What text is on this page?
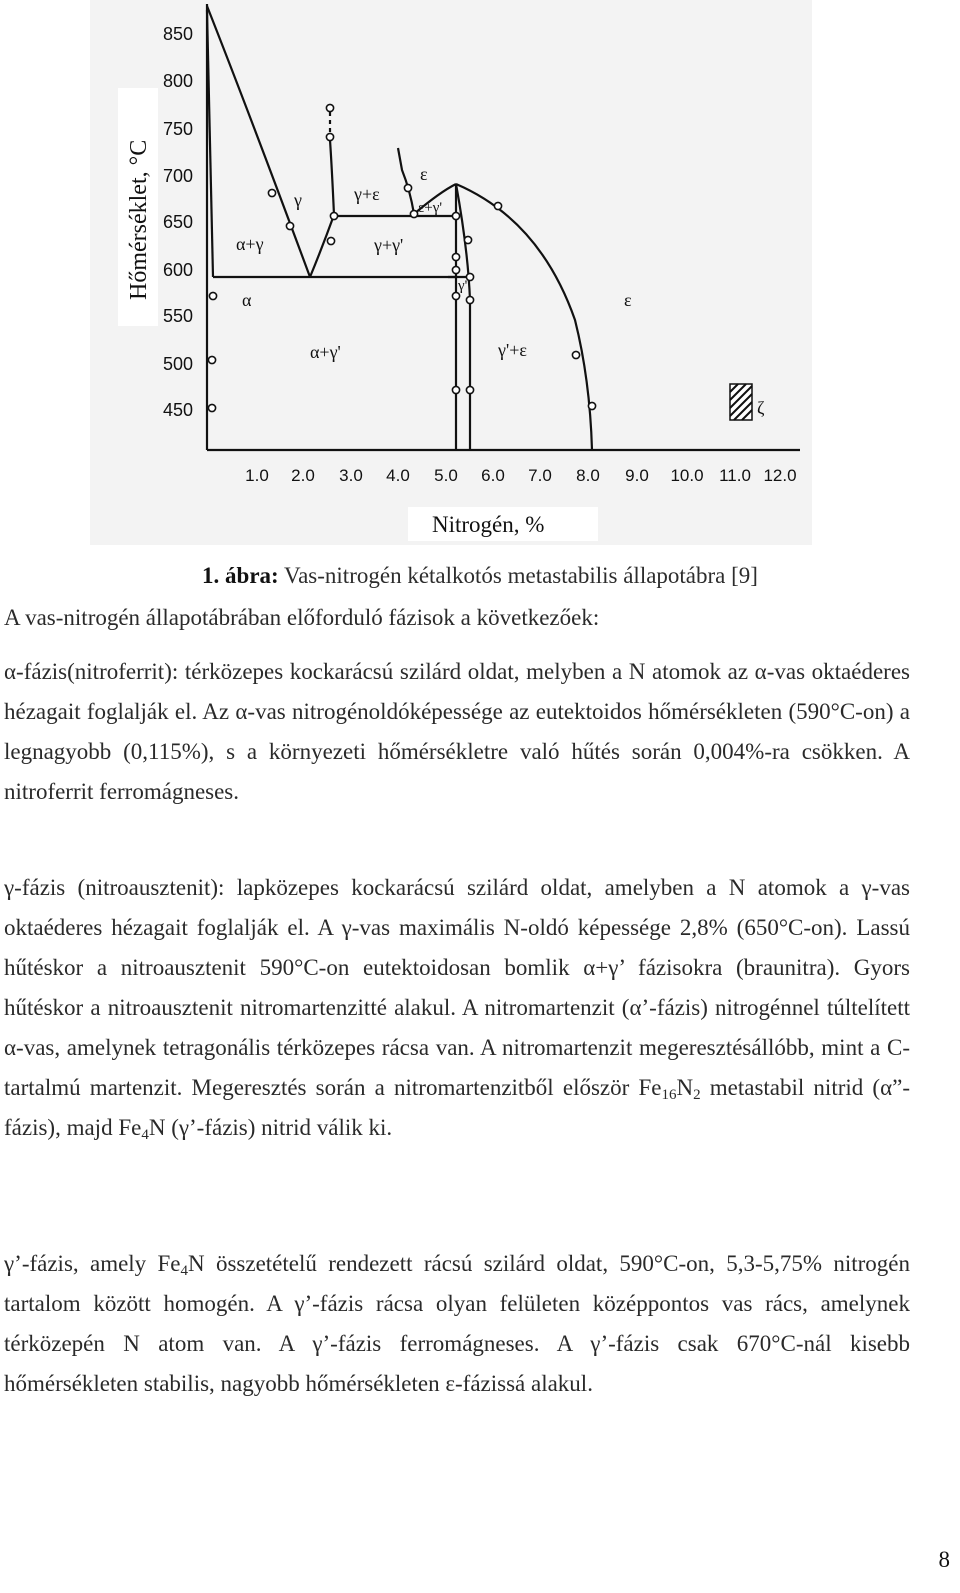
Hőmérséklet, °C
Nitrogén, %
850
800
750
700
650
600
550
500
450
1.0 2.0 3.0 4.0 5.0 6.0 7.0 8.0 9.0 10.0 11.0 12.0
γ
α+γ
α
α+γ'
γ+ε
γ+γ'
ε
ε+γ'
γ'
γ'+ε
ε
ζ
1. ábra: Vas-nitrogén kétalkotós metastabilis állapotábra [9]
A vas-nitrogén állapotábrában előforduló fázisok a következőek:
α-fázis(nitroferrit): térközepes kockarácsú szilárd oldat, melyben a N atomok az α-vas oktaéderes hézagait foglalják el. Az α-vas nitrogénoldóképessége az eutektoidos hőmérsékleten (590°C-on) a legnagyobb (0,115%), s a környezeti hőmérsékletre való hűtés során 0,004%-ra csökken. A nitroferrit ferromágneses.
γ-fázis (nitroausztenit): lapközepes kockarácsú szilárd oldat, amelyben a N atomok a γ-vas oktaéderes hézagait foglalják el. A γ-vas maximális N-oldó képessége 2,8% (650°C-on). Lassú hűtéskor a nitroausztenit 590°C-on eutektoidosan bomlik α+γ’ fázisokra (braunitra). Gyors hűtéskor a nitroausztenit nitromartenzitté alakul. A nitromartenzit (α’-fázis) nitrogénnel túltelített α-vas, amelynek tetragonális térközepes rácsa van. A nitromartenzit megeresztésállóbb, mint a C-tartalmú martenzit. Megeresztés során a nitromartenzitből először $Fe_{16}N_2$ metastabil nitrid (α”-fázis), majd $Fe_4N$ (γ’-fázis) nitrid válik ki.
γ’-fázis, amely $Fe_4N$ összetételű rendezett rácsú szilárd oldat, 590°C-on, 5,3-5,75% nitrogén tartalom között homogén. A γ’-fázis rácsa olyan felületen középpontos vas rács, amelynek térközepén N atom van. A γ’-fázis ferromágneses. A γ’-fázis csak 670°C-nál kisebb hőmérsékleten stabilis, nagyobb hőmérsékleten ε-fázissá alakul.
8
